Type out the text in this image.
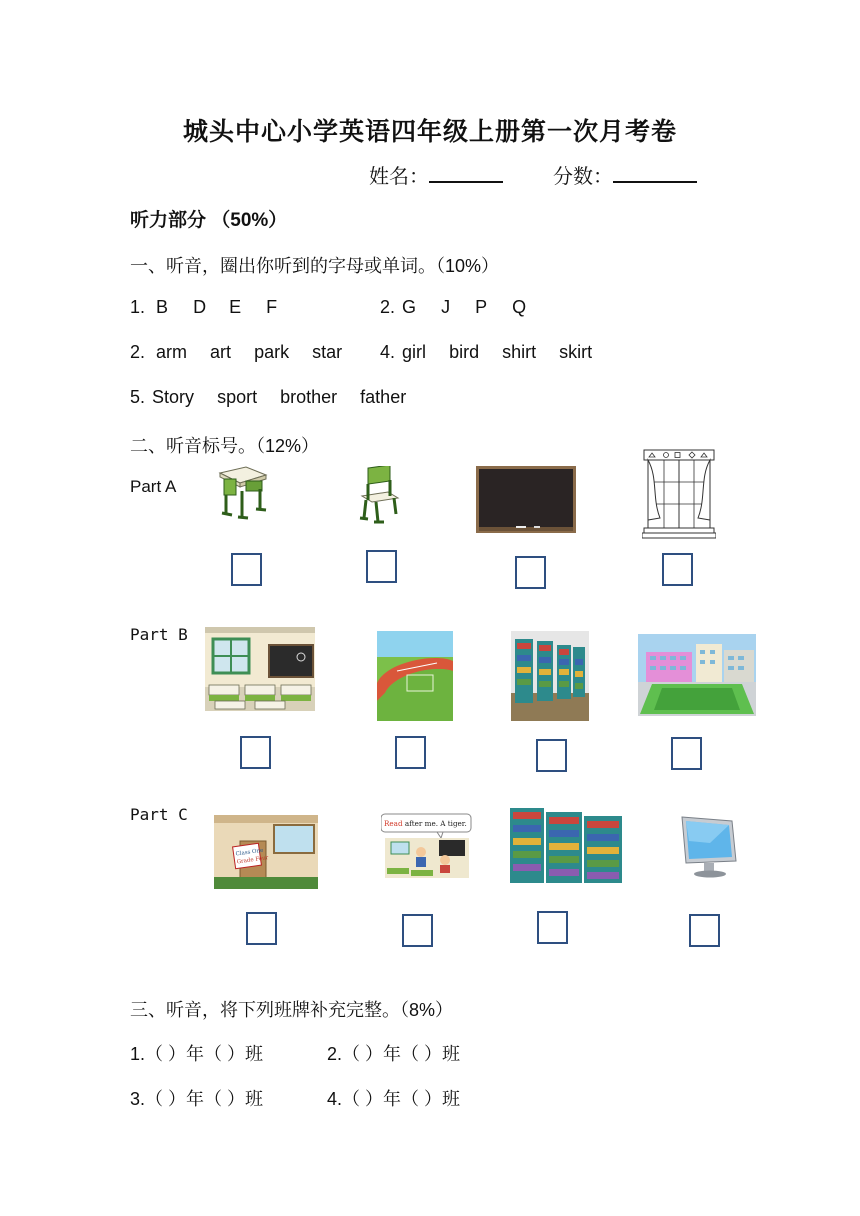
城头中心小学英语四年级上册第一次月考卷
姓名：	分数：
听力部分 （50%）
一、听音，圈出你听到的字母或单词。（10%）
1. B D E F	2. G J P Q
2. arm art park star 4. girl bird shirt skirt
5. Story sport brother father
二、听音标号。（12%）
Part A
Part B
Part C
Class One
Grade Four
Read after me. A tiger.
三、听音，将下列班牌补充完整。（8%）
1.（ ）年（ ）班	2.（ ）年（ ）班
3.（ ）年（ ）班	4.（ ）年（ ）班
